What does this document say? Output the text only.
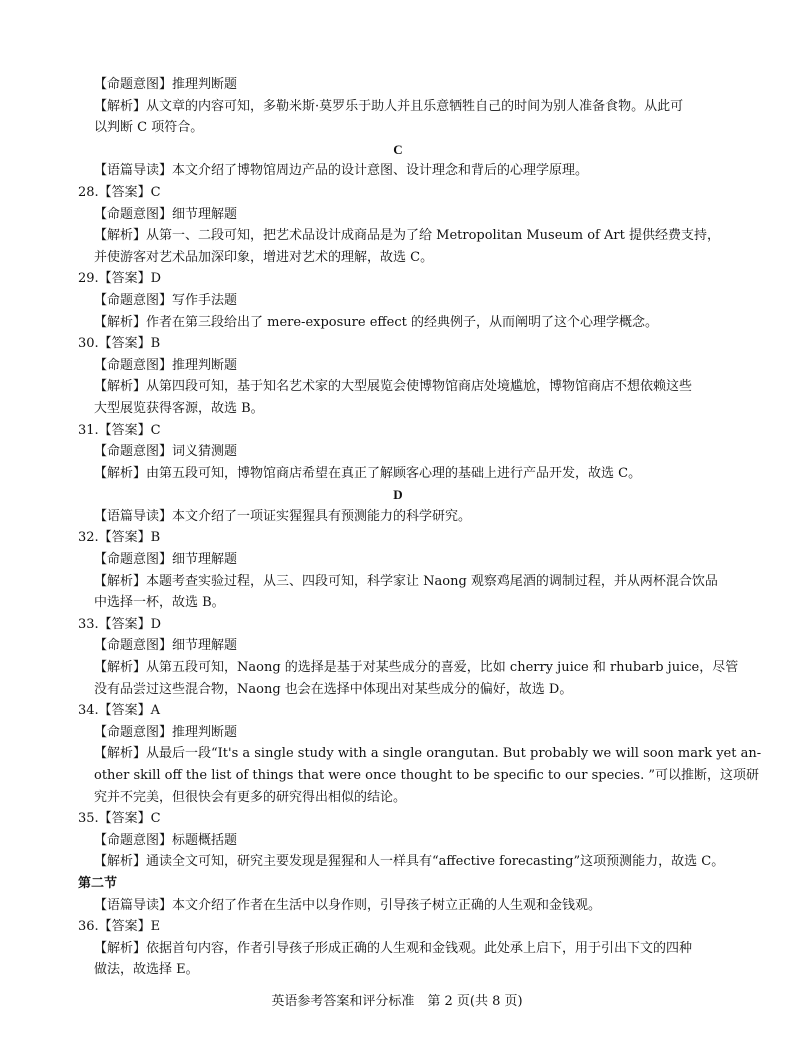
【命题意图】推理判断题
【解析】从文章的内容可知，多勒米斯·莫罗乐于助人并且乐意牺牲自己的时间为别人准备食物。从此可
以判断 C 项符合。
C
【语篇导读】本文介绍了博物馆周边产品的设计意图、设计理念和背后的心理学原理。
28.【答案】C
【命题意图】细节理解题
【解析】从第一、二段可知，把艺术品设计成商品是为了给 Metropolitan Museum of Art 提供经费支持，
并使游客对艺术品加深印象，增进对艺术的理解，故选 C。
29.【答案】D
【命题意图】写作手法题
【解析】作者在第三段给出了 mere-exposure effect 的经典例子，从而阐明了这个心理学概念。
30.【答案】B
【命题意图】推理判断题
【解析】从第四段可知，基于知名艺术家的大型展览会使博物馆商店处境尴尬，博物馆商店不想依赖这些
大型展览获得客源，故选 B。
31.【答案】C
【命题意图】词义猜测题
【解析】由第五段可知，博物馆商店希望在真正了解顾客心理的基础上进行产品开发，故选 C。
D
【语篇导读】本文介绍了一项证实猩猩具有预测能力的科学研究。
32.【答案】B
【命题意图】细节理解题
【解析】本题考查实验过程，从三、四段可知，科学家让 Naong 观察鸡尾酒的调制过程，并从两杯混合饮品
中选择一杯，故选 B。
33.【答案】D
【命题意图】细节理解题
【解析】从第五段可知，Naong 的选择是基于对某些成分的喜爱，比如 cherry juice 和 rhubarb juice，尽管
没有品尝过这些混合物，Naong 也会在选择中体现出对某些成分的偏好，故选 D。
34.【答案】A
【命题意图】推理判断题
【解析】从最后一段“It's a single study with a single orangutan. But probably we will soon mark yet an-
other skill off the list of things that were once thought to be specific to our species. ”可以推断，这项研
究并不完美，但很快会有更多的研究得出相似的结论。
35.【答案】C
【命题意图】标题概括题
【解析】通读全文可知，研究主要发现是猩猩和人一样具有“affective forecasting”这项预测能力，故选 C。
第二节
【语篇导读】本文介绍了作者在生活中以身作则，引导孩子树立正确的人生观和金钱观。
36.【答案】E
【解析】依据首句内容，作者引导孩子形成正确的人生观和金钱观。此处承上启下，用于引出下文的四种
做法，故选择 E。
英语参考答案和评分标准　第 2 页(共 8 页)
